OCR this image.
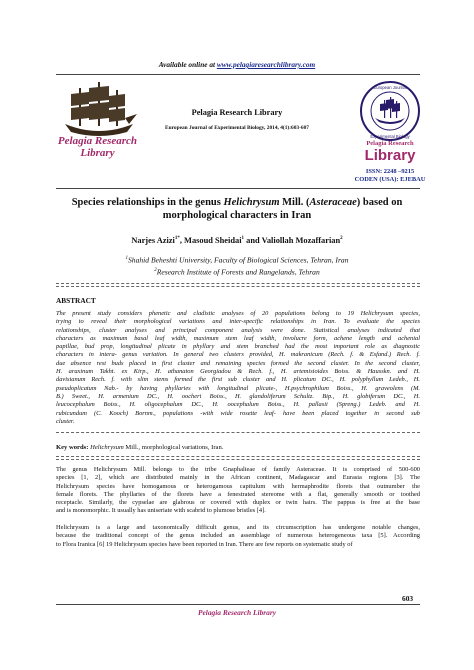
Available online at www.pelagiaresearchlibrary.com
Pelagia Research
Library
Pelagia Research Library
European Journal of Experimental Biology, 2014, 4(1):603-607
European Journal
Experimental Biology
Pelagia Research
Library
ISSN: 2248 –9215
CODEN (USA): EJEBAU
Species relationships in the genus Helichrysum Mill. (Asteraceae) based on
morphological characters in Iran
Narjes Azizi$^{1*}$, Masoud Sheidai$^1$ and Valiollah Mozaffarian$^2$
$^1$Shahid Beheshti University, Faculty of Biological Sciences, Tehran, Iran
$^2$Research Institute of Forests and Rangelands, Tehran
ABSTRACT
The present study considers phenetic and cladistic analyses of 20 populations belong to 19 Helichrysum species,
trying to reveal their morphological variations and inter-specific relationships in Iran. To evaluate the species
relationships, cluster analyses and principal component analysis were done. Statistical analyses indicated that
characters as maximum basal leaf width, maximum stem leaf width, involucre form, achene length and achenial
papillae, bud prop, longitudinal plicate in phyllary and stem branched had the most important role as diagnostic
characters in intera- genus variation. In general two clusters provided, H. makranicum (Rech. f. & Esfand.) Rech. f.
due absence rest buds placed in first cluster and remaining species formed the second cluster. In the second cluster,
H. araxinum Takht. ex Kirp., H. athanaton Georgiadou & Rech. f., H. artemisioides Boiss. & Hausskn. and H.
davisianum Rech. f. with slim stems formed the first sub cluster and H. plicatum DC., H. polyphyllum Ledeb., H.
pseudoplicatum Nab.- by having phyllaries with longitudinal plicate-, H.psychrophilum Boiss., H. graveolens (M.
B.) Sweet., H. armenium DC., H. oocheri Boiss., H. glandoliferum Schultz. Bip., H. globiferum DC., H.
leucocephalum Boiss., H. oligocephalum DC., H. oocephalum Boiss., H. pallasii (Spreng.) Ledeb. and H.
rubicundum (C. Kooch) Bornm., populations -with wide rosette leaf- have been placed together in second sub
cluster.
Key words: Helichrysum Mill., morphological variations, Iran.
The genus Helichrysum Mill. belongs to the tribe Gnaphalieae of family Asteraceae. It is comprised of 500-600
species [1, 2], which are distributed mainly in the African continent, Madagascar and Eurasia regions [3]. The
Helichrysum species have homogamous or heterogamous capitulum with hermaphrodite florets that outnumber the
female florets. The phyllaries of the florets have a fenestrated stereome with a flat, generally smooth or toothed
receptacle. Similarly, the cypselae are glabrous or covered with duplex or twin hairs. The pappus is free at the base
and is monomorphic. It usually has uniseriate with scabrid to plumose bristles [4].
Helichrysum is a large and taxonomically difficult genus, and its circumscription has undergone notable changes,
because the traditional concept of the genus included an assemblage of numerous heterogeneous taxa [5]. According
to Flora Iranica [6] 19 Helichrysum species have been reported in Iran. There are few reports on systematic study of
603
Pelagia Research Library
